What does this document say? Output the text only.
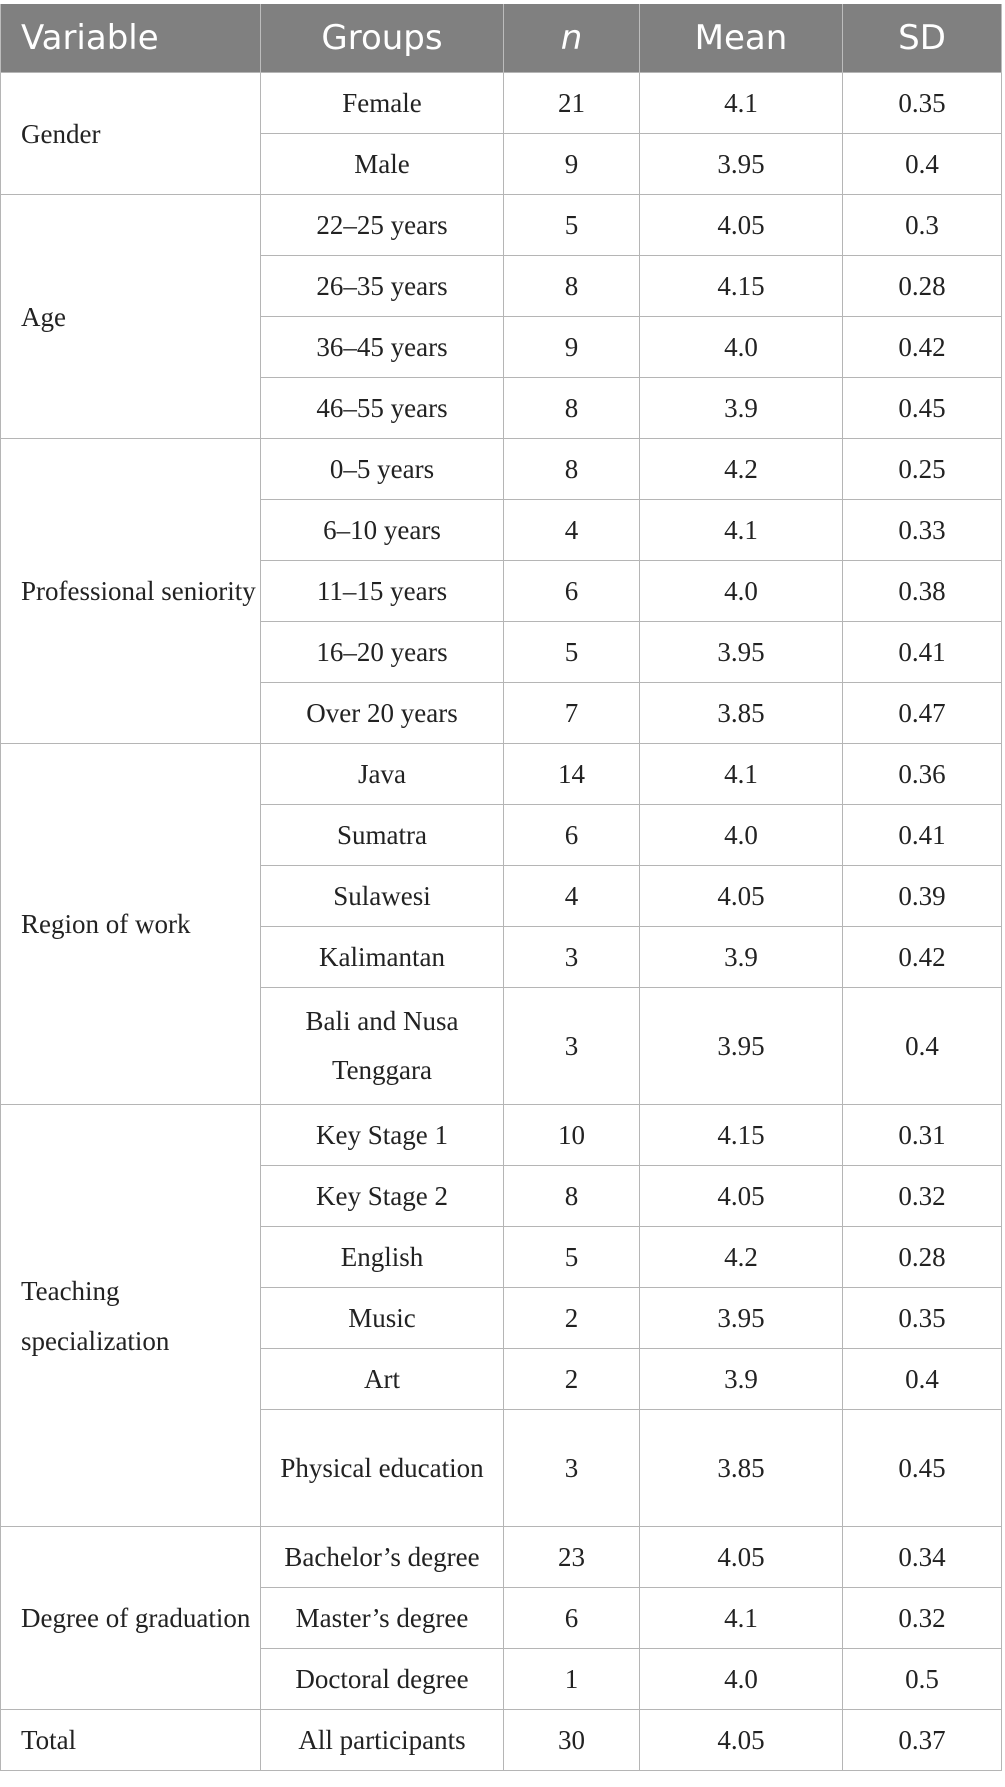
Variable	Groups	n	Mean	SD
Gender	Female	21	4.1	0.35
	Male	9	3.95	0.4
Age	22–25 years	5	4.05	0.3
	26–35 years	8	4.15	0.28
	36–45 years	9	4.0	0.42
	46–55 years	8	3.9	0.45
Professional seniority	0–5 years	8	4.2	0.25
	6–10 years	4	4.1	0.33
	11–15 years	6	4.0	0.38
	16–20 years	5	3.95	0.41
	Over 20 years	7	3.85	0.47
Region of work	Java	14	4.1	0.36
	Sumatra	6	4.0	0.41
	Sulawesi	4	4.05	0.39
	Kalimantan	3	3.9	0.42
	Bali and Nusa Tenggara	3	3.95	0.4
Teaching specialization	Key Stage 1	10	4.15	0.31
	Key Stage 2	8	4.05	0.32
	English	5	4.2	0.28
	Music	2	3.95	0.35
	Art	2	3.9	0.4
	Physical education	3	3.85	0.45
Degree of graduation	Bachelor’s degree	23	4.05	0.34
	Master’s degree	6	4.1	0.32
	Doctoral degree	1	4.0	0.5
Total	All participants	30	4.05	0.37
